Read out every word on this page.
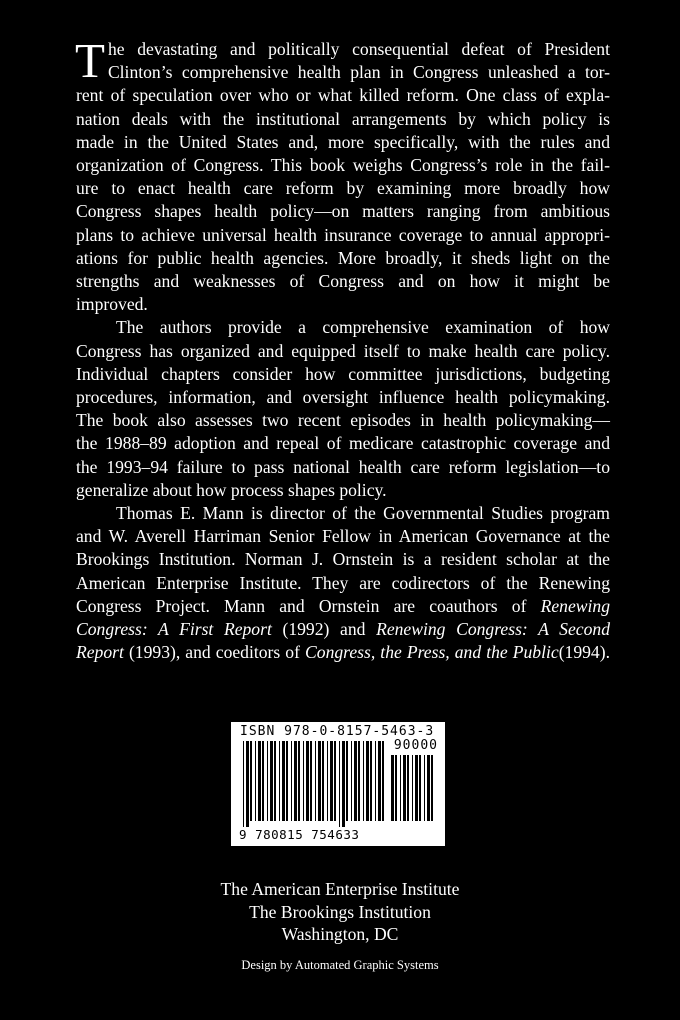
T he devastating and politically consequential defeat of President
Clinton’s comprehensive health plan in Congress unleashed a tor-
rent of speculation over who or what killed reform. One class of expla-
nation deals with the institutional arrangements by which policy is
made in the United States and, more specifically, with the rules and
organization of Congress. This book weighs Congress’s role in the fail-
ure to enact health care reform by examining more broadly how
Congress shapes health policy—on matters ranging from ambitious
plans to achieve universal health insurance coverage to annual appropri-
ations for public health agencies. More broadly, it sheds light on the
strengths and weaknesses of Congress and on how it might be
improved.
The authors provide a comprehensive examination of how
Congress has organized and equipped itself to make health care policy.
Individual chapters consider how committee jurisdictions, budgeting
procedures, information, and oversight influence health policymaking.
The book also assesses two recent episodes in health policymaking—
the 1988–89 adoption and repeal of medicare catastrophic coverage and
the 1993–94 failure to pass national health care reform legislation—to
generalize about how process shapes policy.
Thomas E. Mann is director of the Governmental Studies program
and W. Averell Harriman Senior Fellow in American Governance at the
Brookings Institution. Norman J. Ornstein is a resident scholar at the
American Enterprise Institute. They are codirectors of the Renewing
Congress Project. Mann and Ornstein are coauthors of Renewing
Congress: A First Report (1992) and Renewing Congress: A Second
Report (1993), and coeditors of Congress, the Press, and the Public(1994).
ISBN 978-0-8157-5463-3
90000
9 780815 754633
The American Enterprise Institute
The Brookings Institution
Washington, DC
Design by Automated Graphic Systems
